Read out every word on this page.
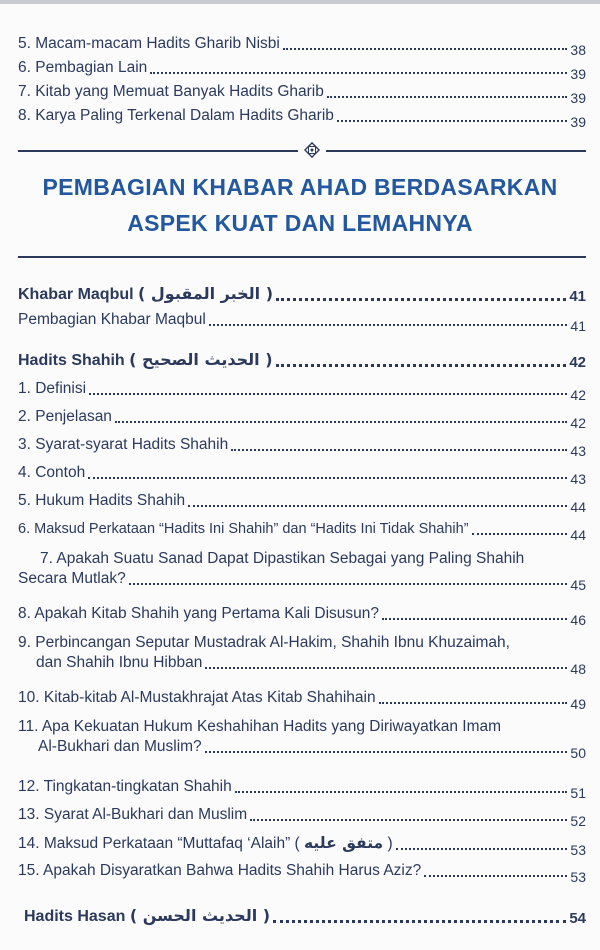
5. Macam-macam Hadits Gharib Nisbi	38
6. Pembagian Lain	39
7. Kitab yang Memuat Banyak Hadits Gharib	39
8. Karya Paling Terkenal Dalam Hadits Gharib	39
PEMBAGIAN KHABAR AHAD BERDASARKAN
ASPEK KUAT DAN LEMAHNYA
Khabar Maqbul ( الخبر المقبول )	41
Pembagian Khabar Maqbul	41
Hadits Shahih ( الحديث الصحيح )	42
1. Definisi	42
2. Penjelasan	42
3. Syarat-syarat Hadits Shahih	43
4. Contoh	43
5. Hukum Hadits Shahih	44
6. Maksud Perkataan “Hadits Ini Shahih” dan “Hadits Ini Tidak Shahih”	44
7. Apakah Suatu Sanad Dapat Dipastikan Sebagai yang Paling Shahih
Secara Mutlak?	45
8. Apakah Kitab Shahih yang Pertama Kali Disusun?	46
9. Perbincangan Seputar Mustadrak Al-Hakim, Shahih Ibnu Khuzaimah,
dan Shahih Ibnu Hibban	48
10. Kitab-kitab Al-Mustakhrajat Atas Kitab Shahihain	49
11. Apa Kekuatan Hukum Keshahihan Hadits yang Diriwayatkan Imam
Al-Bukhari dan Muslim?	50
12. Tingkatan-tingkatan Shahih	51
13. Syarat Al-Bukhari dan Muslim	52
14. Maksud Perkataan “Muttafaq ‘Alaih” ( متفق عليه )	53
15. Apakah Disyaratkan Bahwa Hadits Shahih Harus Aziz?	53
Hadits Hasan ( الحديث الحسن )	54
